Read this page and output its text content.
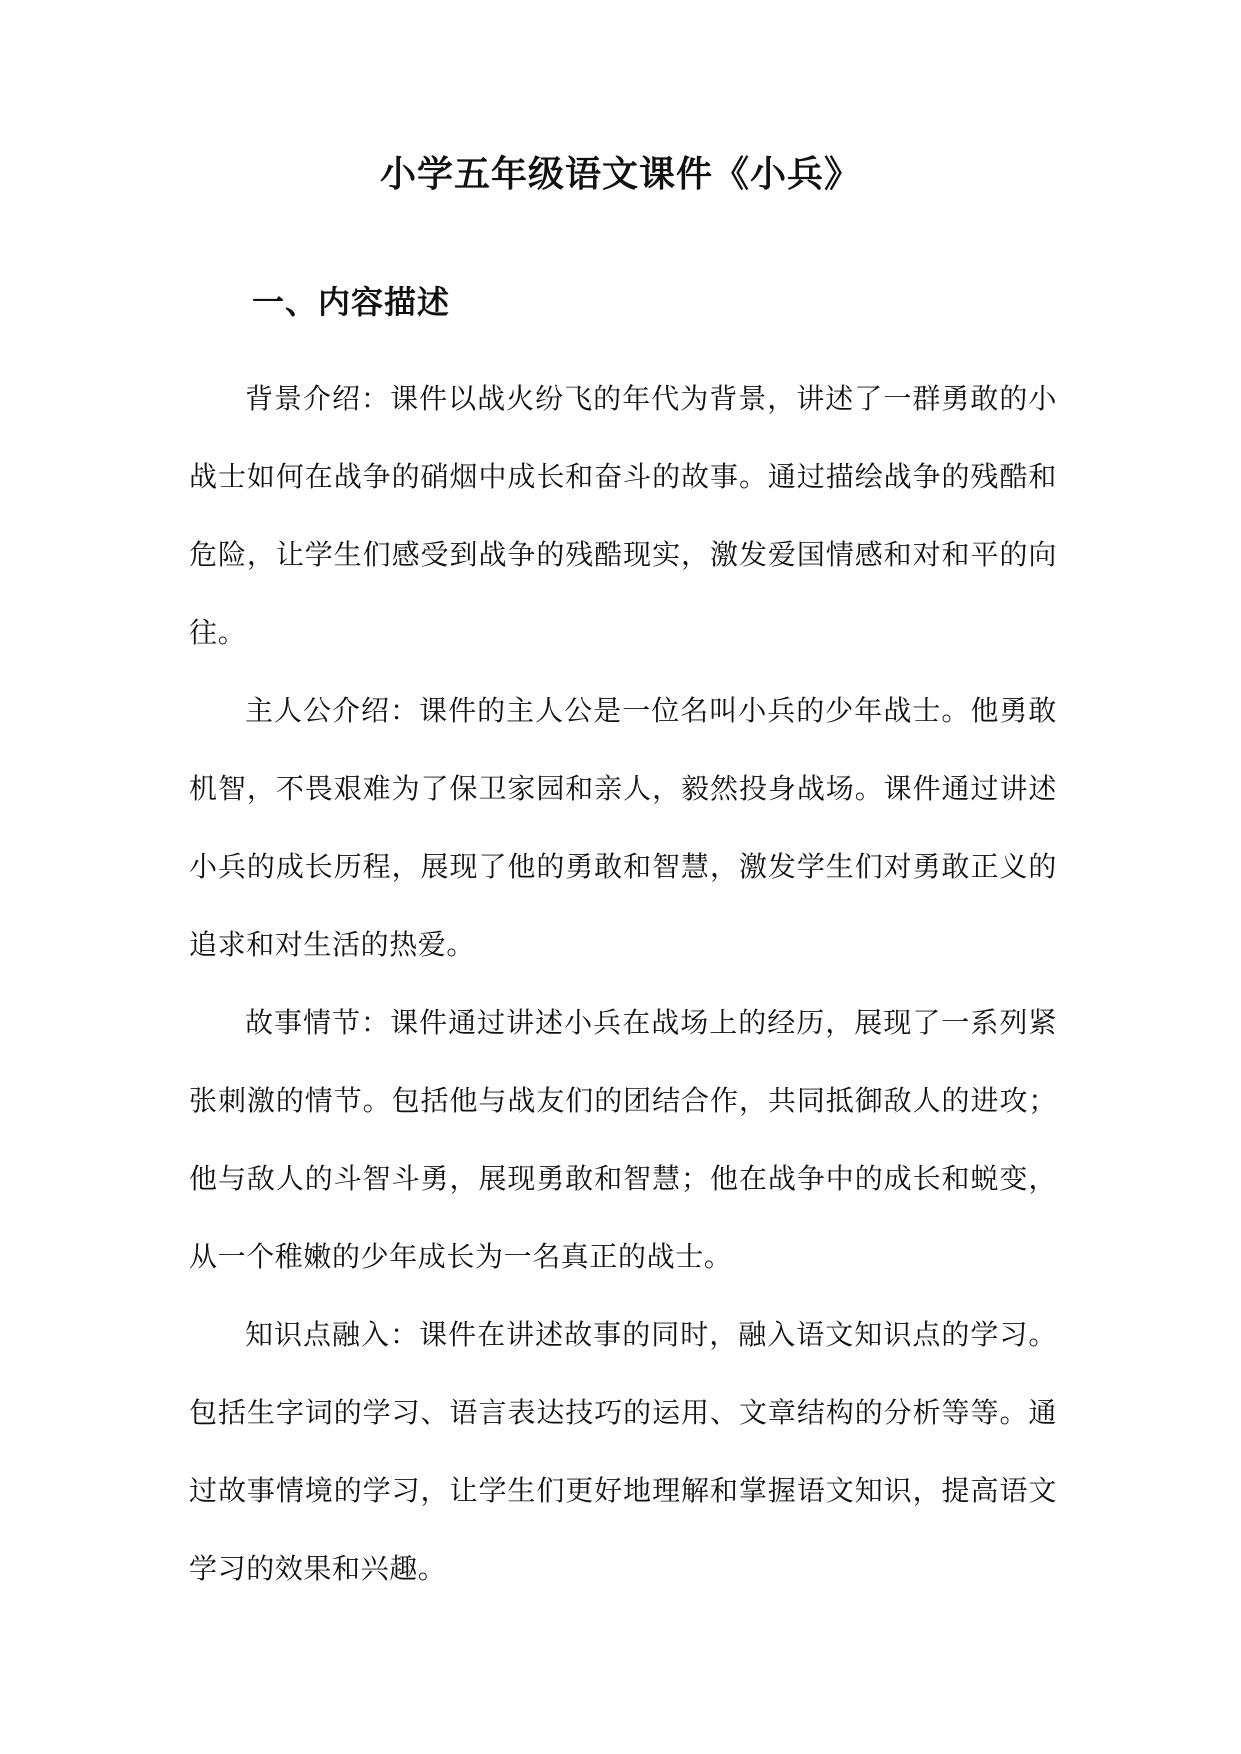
小学五年级语文课件《小兵》
一、内容描述

背景介绍：课件以战火纷飞的年代为背景，讲述了一群勇敢的小战士如何在战争的硝烟中成长和奋斗的故事。通过描绘战争的残酷和危险，让学生们感受到战争的残酷现实，激发爱国情感和对和平的向往。

主人公介绍：课件的主人公是一位名叫小兵的少年战士。他勇敢机智，不畏艰难为了保卫家园和亲人，毅然投身战场。课件通过讲述小兵的成长历程，展现了他的勇敢和智慧，激发学生们对勇敢正义的追求和对生活的热爱。

故事情节：课件通过讲述小兵在战场上的经历，展现了一系列紧张刺激的情节。包括他与战友们的团结合作，共同抵御敌人的进攻；他与敌人的斗智斗勇，展现勇敢和智慧；他在战争中的成长和蜕变，从一个稚嫩的少年成长为一名真正的战士。

知识点融入：课件在讲述故事的同时，融入语文知识点的学习。包括生字词的学习、语言表达技巧的运用、文章结构的分析等等。通过故事情境的学习，让学生们更好地理解和掌握语文知识，提高语文学习的效果和兴趣。
